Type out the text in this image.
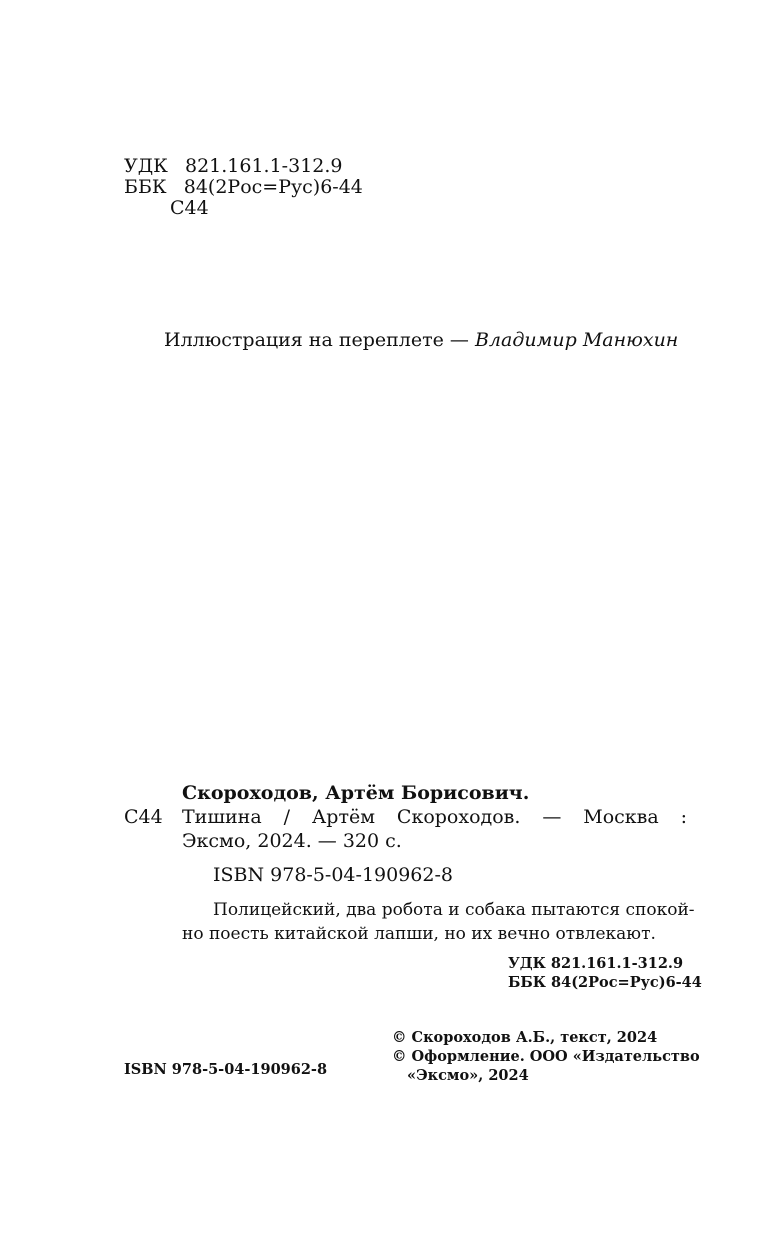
УДК 821.161.1-312.9
ББК 84(2Рос=Рус)6-44
С44
Иллюстрация на переплете — Владимир Манюхин
Скороходов, Артём Борисович.
С44 Тишина / Артём Скороходов. — Москва :
Эксмо, 2024. — 320 с.
ISBN 978-5-04-190962-8
Полицейский, два робота и собака пытаются спокой-
но поесть китайской лапши, но их вечно отвлекают.
УДК 821.161.1-312.9
ББК 84(2Рос=Рус)6-44
© Скороходов А.Б., текст, 2024
© Оформление. ООО «Издательство
ISBN 978-5-04-190962-8	«Эксмо», 2024
